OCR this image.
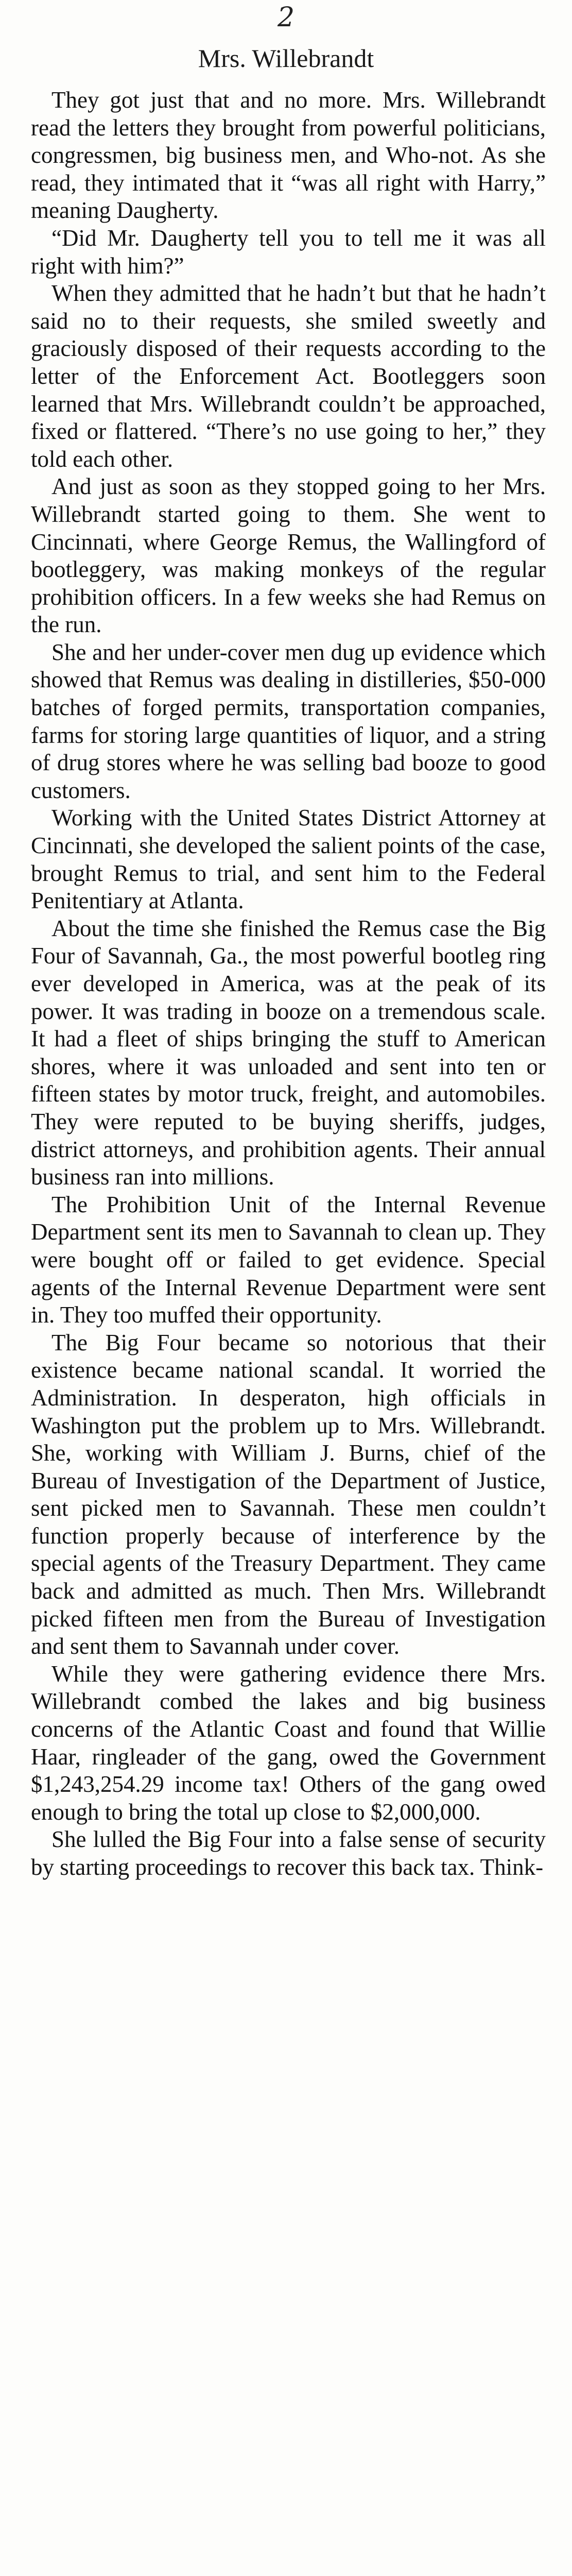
2
Mrs. Willebrandt

They got just that and no more. Mrs. Willebrandt read the letters they brought from powerful politicians, congressmen, big business men, and Who-not. As she read, they intimated that it “was all right with Harry,” meaning Daugherty.

“Did Mr. Daugherty tell you to tell me it was all right with him?”

When they admitted that he hadn’t but that he hadn’t said no to their requests, she smiled sweetly and graciously disposed of their requests according to the letter of the Enforcement Act. Bootleggers soon learned that Mrs. Willebrandt couldn’t be approached, fixed or flattered. “There’s no use going to her,” they told each other.

And just as soon as they stopped going to her Mrs. Willebrandt started going to them. She went to Cincinnati, where George Remus, the Wallingford of bootleggery, was making monkeys of the regular prohibition officers. In a few weeks she had Remus on the run.

She and her under-cover men dug up evidence which showed that Remus was dealing in distilleries, $50-000 batches of forged permits, transportation companies, farms for storing large quantities of liquor, and a string of drug stores where he was selling bad booze to good customers.

Working with the United States District Attorney at Cincinnati, she developed the salient points of the case, brought Remus to trial, and sent him to the Federal Penitentiary at Atlanta.

About the time she finished the Remus case the Big Four of Savannah, Ga., the most powerful bootleg ring ever developed in America, was at the peak of its power. It was trading in booze on a tremendous scale. It had a fleet of ships bringing the stuff to American shores, where it was unloaded and sent into ten or fifteen states by motor truck, freight, and automobiles. They were reputed to be buying sheriffs, judges, district attorneys, and prohibition agents. Their annual business ran into millions.

The Prohibition Unit of the Internal Revenue Department sent its men to Savannah to clean up. They were bought off or failed to get evidence. Special agents of the Internal Revenue Department were sent in. They too muffed their opportunity.

The Big Four became so notorious that their existence became national scandal. It worried the Administration. In desperaton, high officials in Washington put the problem up to Mrs. Willebrandt. She, working with William J. Burns, chief of the Bureau of Investigation of the Department of Justice, sent picked men to Savannah. These men couldn’t function properly because of interference by the special agents of the Treasury Department. They came back and admitted as much. Then Mrs. Willebrandt picked fifteen men from the Bureau of Investigation and sent them to Savannah under cover.

While they were gathering evidence there Mrs. Willebrandt combed the lakes and big business concerns of the Atlantic Coast and found that Willie Haar, ringleader of the gang, owed the Government $1,243,254.29 income tax! Others of the gang owed enough to bring the total up close to $2,000,000.

She lulled the Big Four into a false sense of security by starting proceedings to recover this back tax. Think-
